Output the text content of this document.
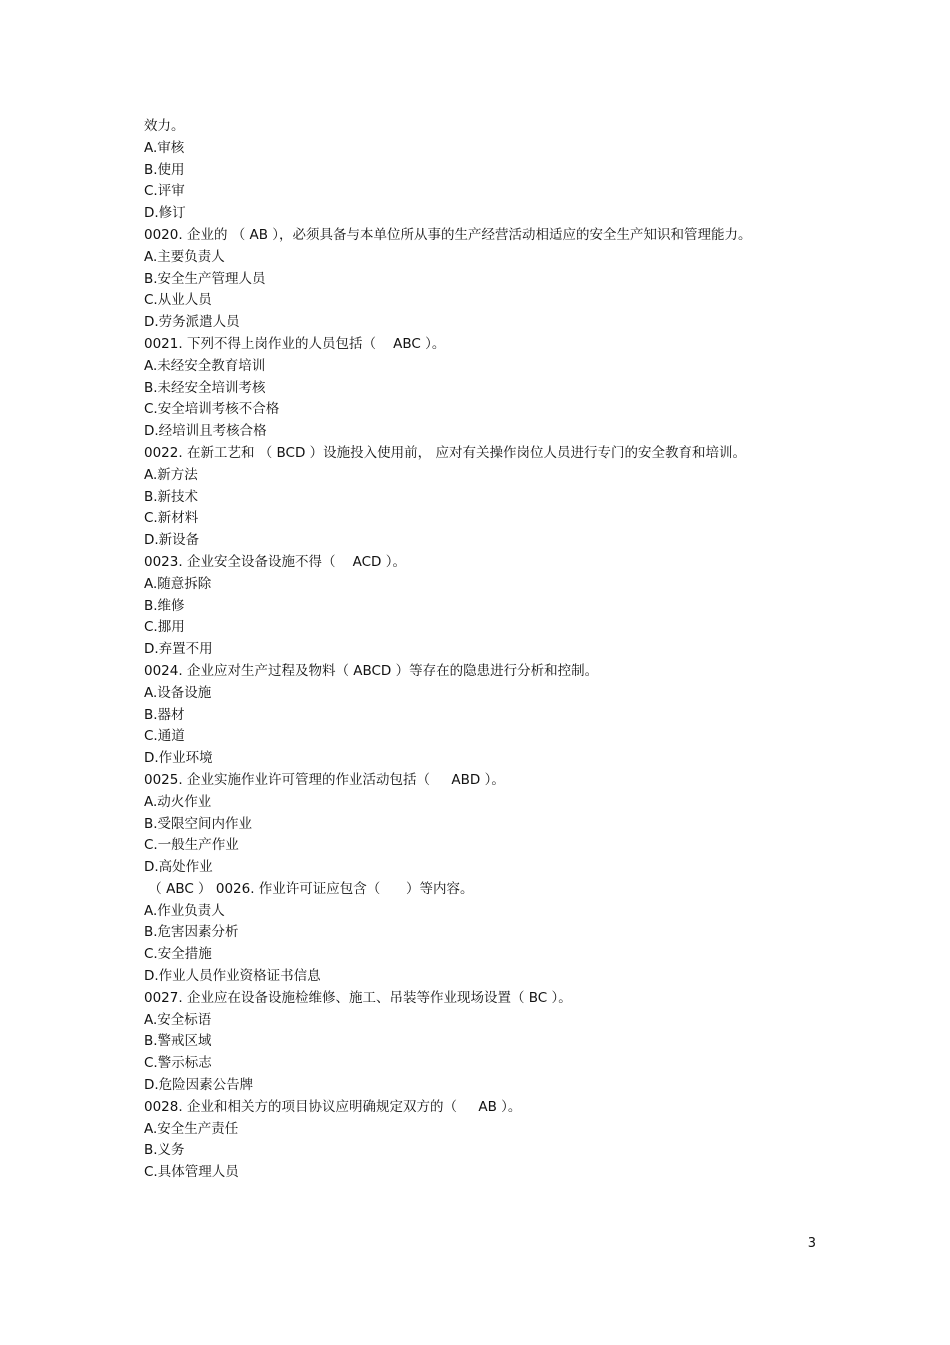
效力。
A.审核
B.使用
C.评审
D.修订
0020. 企业的 （ AB ），必须具备与本单位所从事的生产经营活动相适应的安全生产知识和管理能力。
A.主要负责人
B.安全生产管理人员
C.从业人员
D.劳务派遣人员
0021. 下列不得上岗作业的人员包括（    ABC ）。
A.未经安全教育培训
B.未经安全培训考核
C.安全培训考核不合格
D.经培训且考核合格
0022. 在新工艺和 （ BCD ）设施投入使用前， 应对有关操作岗位人员进行专门的安全教育和培训。
A.新方法
B.新技术
C.新材料
D.新设备
0023. 企业安全设备设施不得（    ACD ）。
A.随意拆除
B.维修
C.挪用
D.弃置不用
0024. 企业应对生产过程及物料（ ABCD ）等存在的隐患进行分析和控制。
A.设备设施
B.器材
C.通道
D.作业环境
0025. 企业实施作业许可管理的作业活动包括（     ABD ）。
A.动火作业
B.受限空间内作业
C.一般生产作业
D.高处作业
（ ABC ） 0026. 作业许可证应包含（      ）等内容。
A.作业负责人
B.危害因素分析
C.安全措施
D.作业人员作业资格证书信息
0027. 企业应在设备设施检维修、施工、吊装等作业现场设置（ BC ）。
A.安全标语
B.警戒区域
C.警示标志
D.危险因素公告牌
0028. 企业和相关方的项目协议应明确规定双方的（     AB ）。
A.安全生产责任
B.义务
C.具体管理人员
3
